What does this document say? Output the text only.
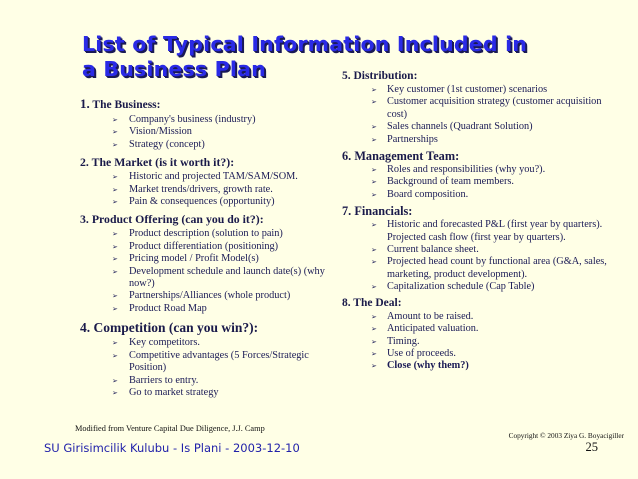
List of Typical Information Included in
a Business Plan
1. The Business:
➢ Company's business (industry)
➢ Vision/Mission
➢ Strategy (concept)
2. The Market (is it worth it?):
➢ Historic and projected TAM/SAM/SOM.
➢ Market trends/drivers, growth rate.
➢ Pain & consequences (opportunity)
3. Product Offering (can you do it?):
➢ Product description (solution to pain)
➢ Product differentiation (positioning)
➢ Pricing model / Profit Model(s)
➢ Development schedule and launch date(s) (why now?)
➢ Partnerships/Alliances (whole product)
➢ Product Road Map
4. Competition (can you win?):
➢ Key competitors.
➢ Competitive advantages (5 Forces/Strategic Position)
➢ Barriers to entry.
➢ Go to market strategy
5. Distribution:
➢ Key customer (1st customer) scenarios
➢ Customer acquisition strategy (customer acquisition cost)
➢ Sales channels (Quadrant Solution)
➢ Partnerships
6. Management Team:
➢ Roles and responsibilities (why you?).
➢ Background of team members.
➢ Board composition.
7. Financials:
➢ Historic and forecasted P&L (first year by quarters). Projected cash flow (first year by quarters).
➢ Current balance sheet.
➢ Projected head count by functional area (G&A, sales, marketing, product development).
➢ Capitalization schedule (Cap Table)
8. The Deal:
➢ Amount to be raised.
➢ Anticipated valuation.
➢ Timing.
➢ Use of proceeds.
➢ Close (why them?)
Modified from Venture Capital Due Diligence, J.J. Camp
Copyright © 2003 Ziya G. Boyacigiller
SU Girisimcilik Kulubu - Is Plani - 2003-12-10	25
